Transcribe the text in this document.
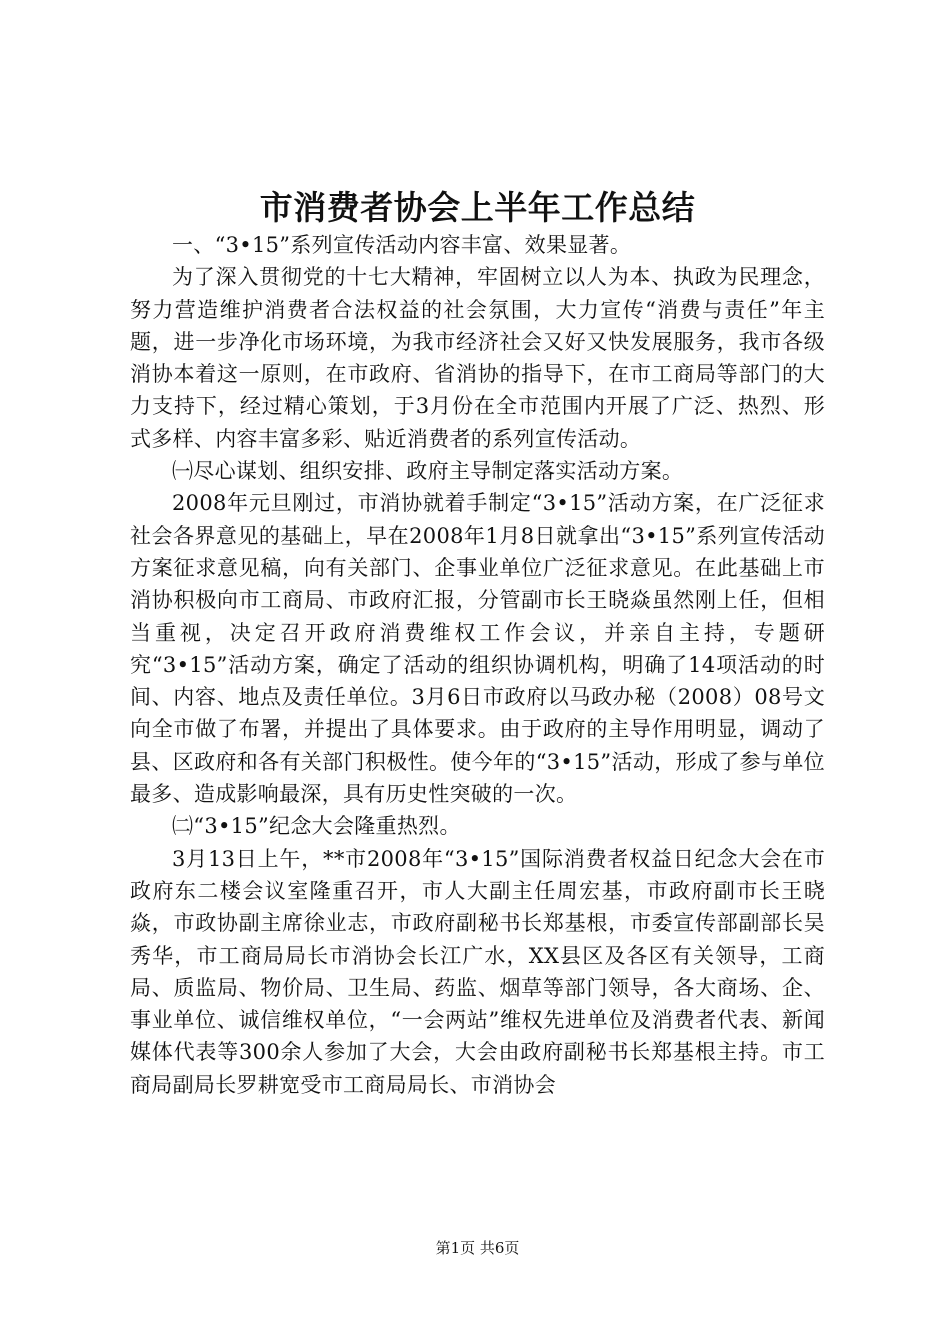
市消费者协会上半年工作总结

一、“3•15”系列宣传活动内容丰富、效果显著。

为了深入贯彻党的十七大精神，牢固树立以人为本、执政为民理念，努力营造维护消费者合法权益的社会氛围，大力宣传“消费与责任”年主题，进一步净化市场环境，为我市经济社会又好又快发展服务，我市各级消协本着这一原则，在市政府、省消协的指导下，在市工商局等部门的大力支持下，经过精心策划，于3月份在全市范围内开展了广泛、热烈、形式多样、内容丰富多彩、贴近消费者的系列宣传活动。

㈠尽心谋划、组织安排、政府主导制定落实活动方案。

2008年元旦刚过，市消协就着手制定“3•15”活动方案，在广泛征求社会各界意见的基础上，早在2008年1月8日就拿出“3•15”系列宣传活动方案征求意见稿，向有关部门、企事业单位广泛征求意见。在此基础上市消协积极向市工商局、市政府汇报，分管副市长王晓焱虽然刚上任，但相当重视，决定召开政府消费维权工作会议，并亲自主持，专题研究“3•15”活动方案，确定了活动的组织协调机构，明确了14项活动的时间、内容、地点及责任单位。3月6日市政府以马政办秘（2008）08号文向全市做了布署，并提出了具体要求。由于政府的主导作用明显，调动了县、区政府和各有关部门积极性。使今年的“3•15”活动，形成了参与单位最多、造成影响最深，具有历史性突破的一次。

㈡“3•15”纪念大会隆重热烈。

3月13日上午，**市2008年“3•15”国际消费者权益日纪念大会在市政府东二楼会议室隆重召开，市人大副主任周宏基，市政府副市长王晓焱，市政协副主席徐业志，市政府副秘书长郑基根，市委宣传部副部长吴秀华，市工商局局长市消协会长江广水，XX县区及各区有关领导，工商局、质监局、物价局、卫生局、药监、烟草等部门领导，各大商场、企、事业单位、诚信维权单位，“一会两站”维权先进单位及消费者代表、新闻媒体代表等300余人参加了大会，大会由政府副秘书长郑基根主持。市工商局副局长罗耕宽受市工商局局长、市消协会

第1页 共6页
